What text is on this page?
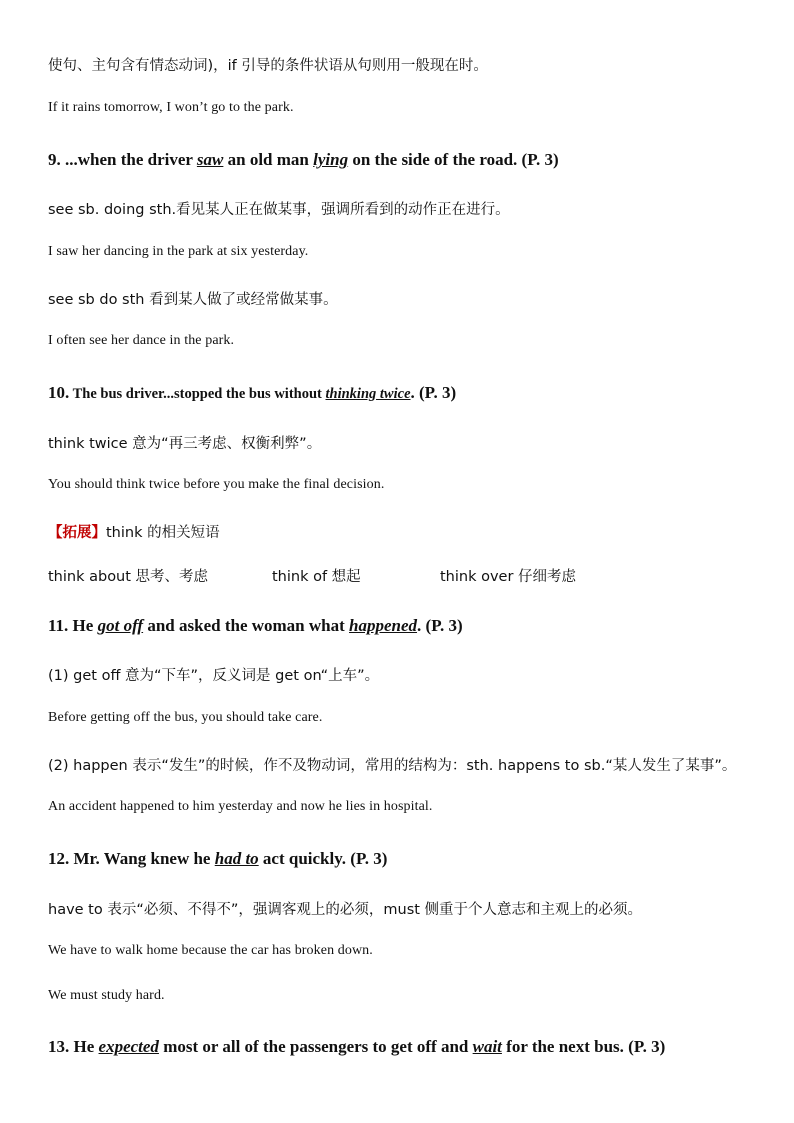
使句、主句含有情态动词)，if 引导的条件状语从句则用一般现在时。
If it rains tomorrow, I won’t go to the park.
9. ...when the driver saw an old man lying on the side of the road. (P. 3)
see sb. doing sth.看见某人正在做某事，强调所看到的动作正在进行。
I saw her dancing in the park at six yesterday.
see sb do sth 看到某人做了或经常做某事。
I often see her dance in the park.
10. The bus driver...stopped the bus without thinking twice. (P. 3)
think twice 意为“再三考虑、权衡利弊”。
You should think twice before you make the final decision.
【拓展】think 的相关短语
think about 思考、考虑	think of 想起	think over 仔细考虑
11. He got off and asked the woman what happened. (P. 3)
(1) get off 意为“下车”，反义词是 get on“上车”。
Before getting off the bus, you should take care.
(2) happen 表示“发生”的时候，作不及物动词，常用的结构为：sth. happens to sb.“某人发生了某事”。
An accident happened to him yesterday and now he lies in hospital.
12. Mr. Wang knew he had to act quickly. (P. 3)
have to 表示“必须、不得不”，强调客观上的必须，must 侧重于个人意志和主观上的必须。
We have to walk home because the car has broken down.
We must study hard.
13. He expected most or all of the passengers to get off and wait for the next bus. (P. 3)
